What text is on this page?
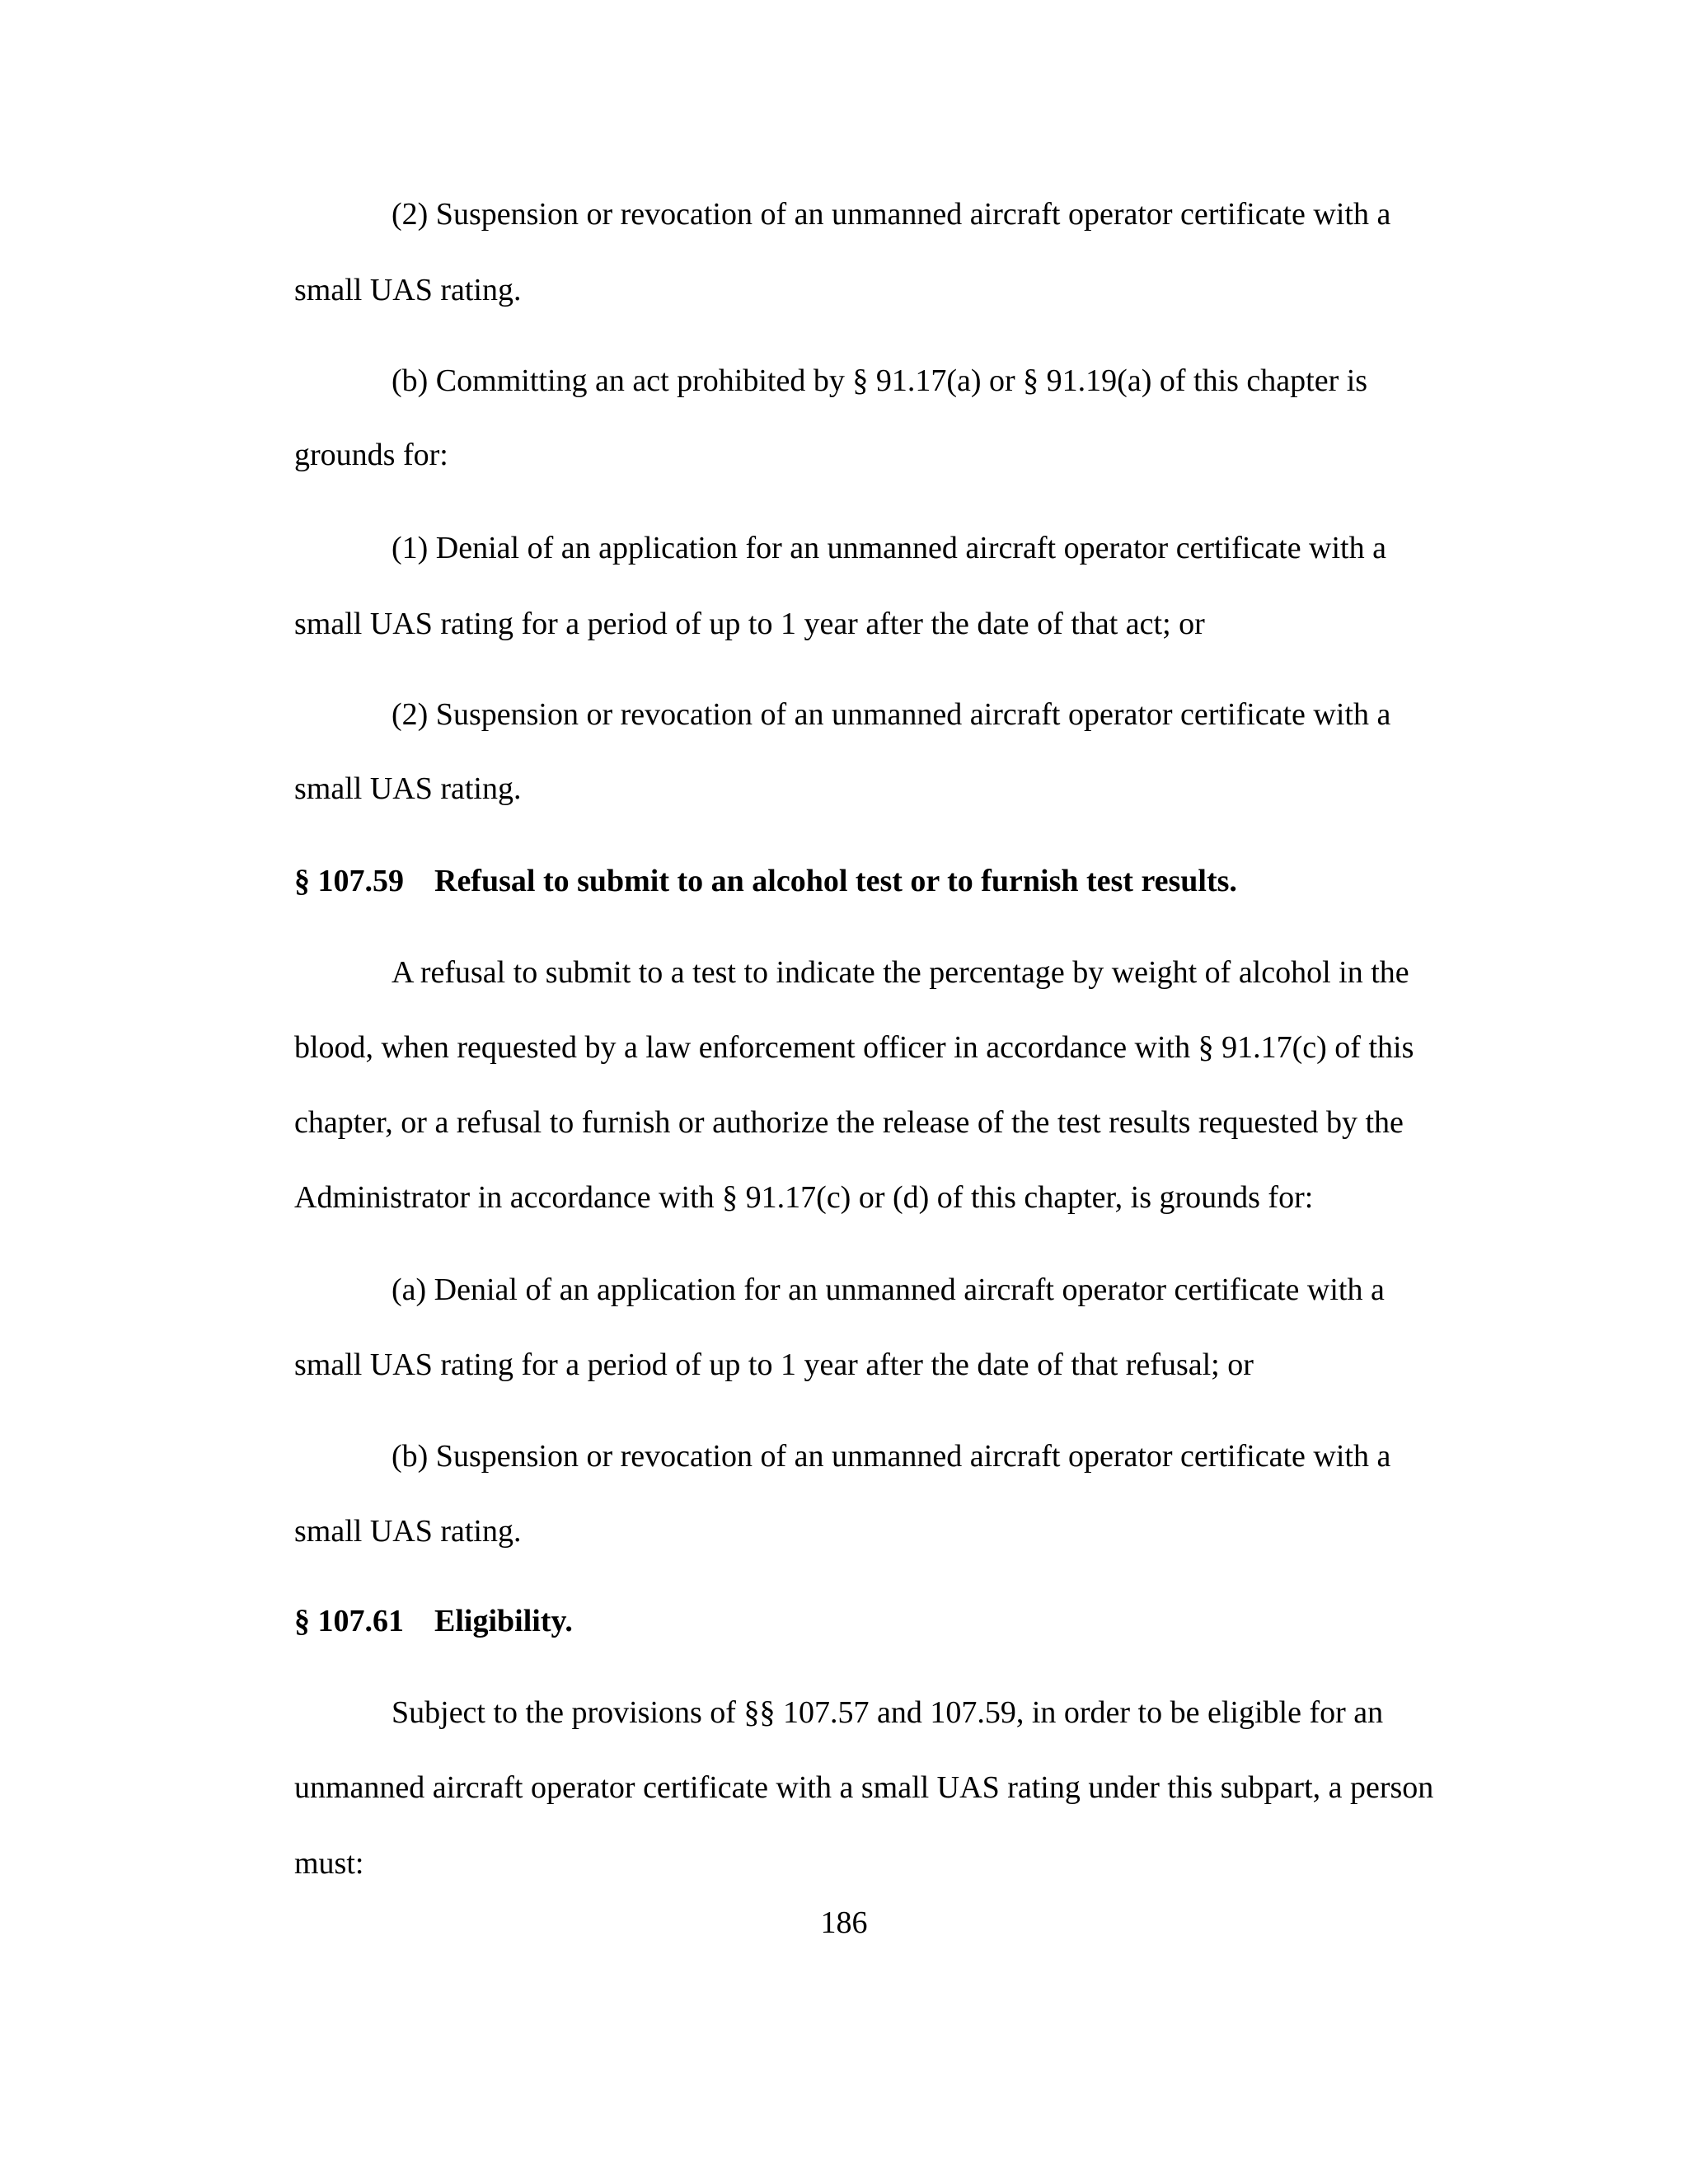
(2) Suspension or revocation of an unmanned aircraft operator certificate with a

small UAS rating.

(b) Committing an act prohibited by § 91.17(a) or § 91.19(a) of this chapter is

grounds for:

(1) Denial of an application for an unmanned aircraft operator certificate with a

small UAS rating for a period of up to 1 year after the date of that act; or

(2) Suspension or revocation of an unmanned aircraft operator certificate with a

small UAS rating.

§ 107.59 Refusal to submit to an alcohol test or to furnish test results.

A refusal to submit to a test to indicate the percentage by weight of alcohol in the

blood, when requested by a law enforcement officer in accordance with § 91.17(c) of this

chapter, or a refusal to furnish or authorize the release of the test results requested by the

Administrator in accordance with § 91.17(c) or (d) of this chapter, is grounds for:

(a) Denial of an application for an unmanned aircraft operator certificate with a

small UAS rating for a period of up to 1 year after the date of that refusal; or

(b) Suspension or revocation of an unmanned aircraft operator certificate with a

small UAS rating.

§ 107.61 Eligibility.

Subject to the provisions of §§ 107.57 and 107.59, in order to be eligible for an

unmanned aircraft operator certificate with a small UAS rating under this subpart, a person

must:

186
